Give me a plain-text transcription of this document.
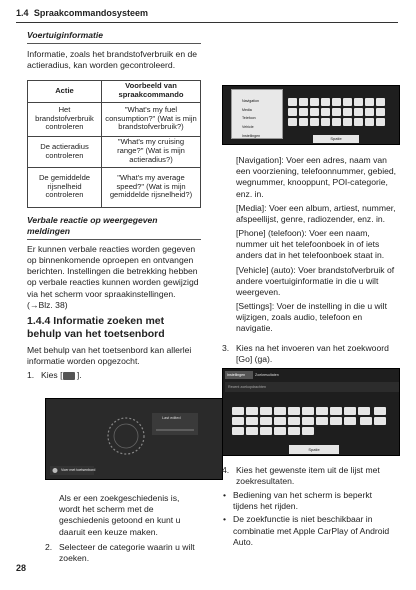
1.4 Spraakcommandosysteem
Voertuiginformatie

Informatie, zoals het brandstofverbruik en de actieradius, kan worden gecontroleerd.

Actie	Voorbeeld van spraakcommando
Het brandstofverbruik controleren	"What's my fuel consumption?" (Wat is mijn brandstofverbruik?)
De actieradius controleren	"What's my cruising range?" (Wat is mijn actieradius?)
De gemiddelde rijsnelheid controleren	"What's my average speed?" (Wat is mijn gemiddelde rijsnelheid?)
Verbale reactie op weergegeven meldingen

Er kunnen verbale reacties worden gegeven op binnenkomende oproepen en ontvangen berichten. Instellingen die betrekking hebben op verbale reacties kunnen worden gewijzigd via het scherm voor spraakinstellingen. (→Blz. 38)

1.4.4 Informatie zoeken met behulp van het toetsenbord

Met behulp van het toetsenbord kan allerlei informatie worden opgezocht.

1. Kies [ ].
Last edited
Voer met toetsenbord

Als er een zoekgeschiedenis is, wordt het scherm met de geschiedenis getoond en kunt u daaruit een keuze maken.

2. Selecteer de categorie waarin u wilt zoeken.
28
Navigation
Media
Telefoon
Vehicle
Instellingen

Spatie

[Navigation]: Voer een adres, naam van een voorziening, telefoonnummer, gebied, wegnummer, knooppunt, POI-categorie, enz. in.

[Media]: Voer een album, artiest, nummer, afspeellijst, genre, radiozender, enz. in.

[Phone] (telefoon): Voer een naam, nummer uit het telefoonboek in of iets anders dat in het telefoonboek staat in.

[Vehicle] (auto): Voer brandstofverbruik of andere voertuiginformatie in die u wilt weergeven.

[Settings]: Voer de instelling in die u wilt wijzigen, zoals audio, telefoon en navigatie.

3. Kies na het invoeren van het zoekwoord [Go] (ga).
Instellingen	Zoekresultaten
Recent zoekopdrachten

Spatie
4. Kies het gewenste item uit de lijst met zoekresultaten.
• Bediening van het scherm is beperkt tijdens het rijden.
• De zoekfunctie is niet beschikbaar in combinatie met Apple CarPlay of Android Auto.
